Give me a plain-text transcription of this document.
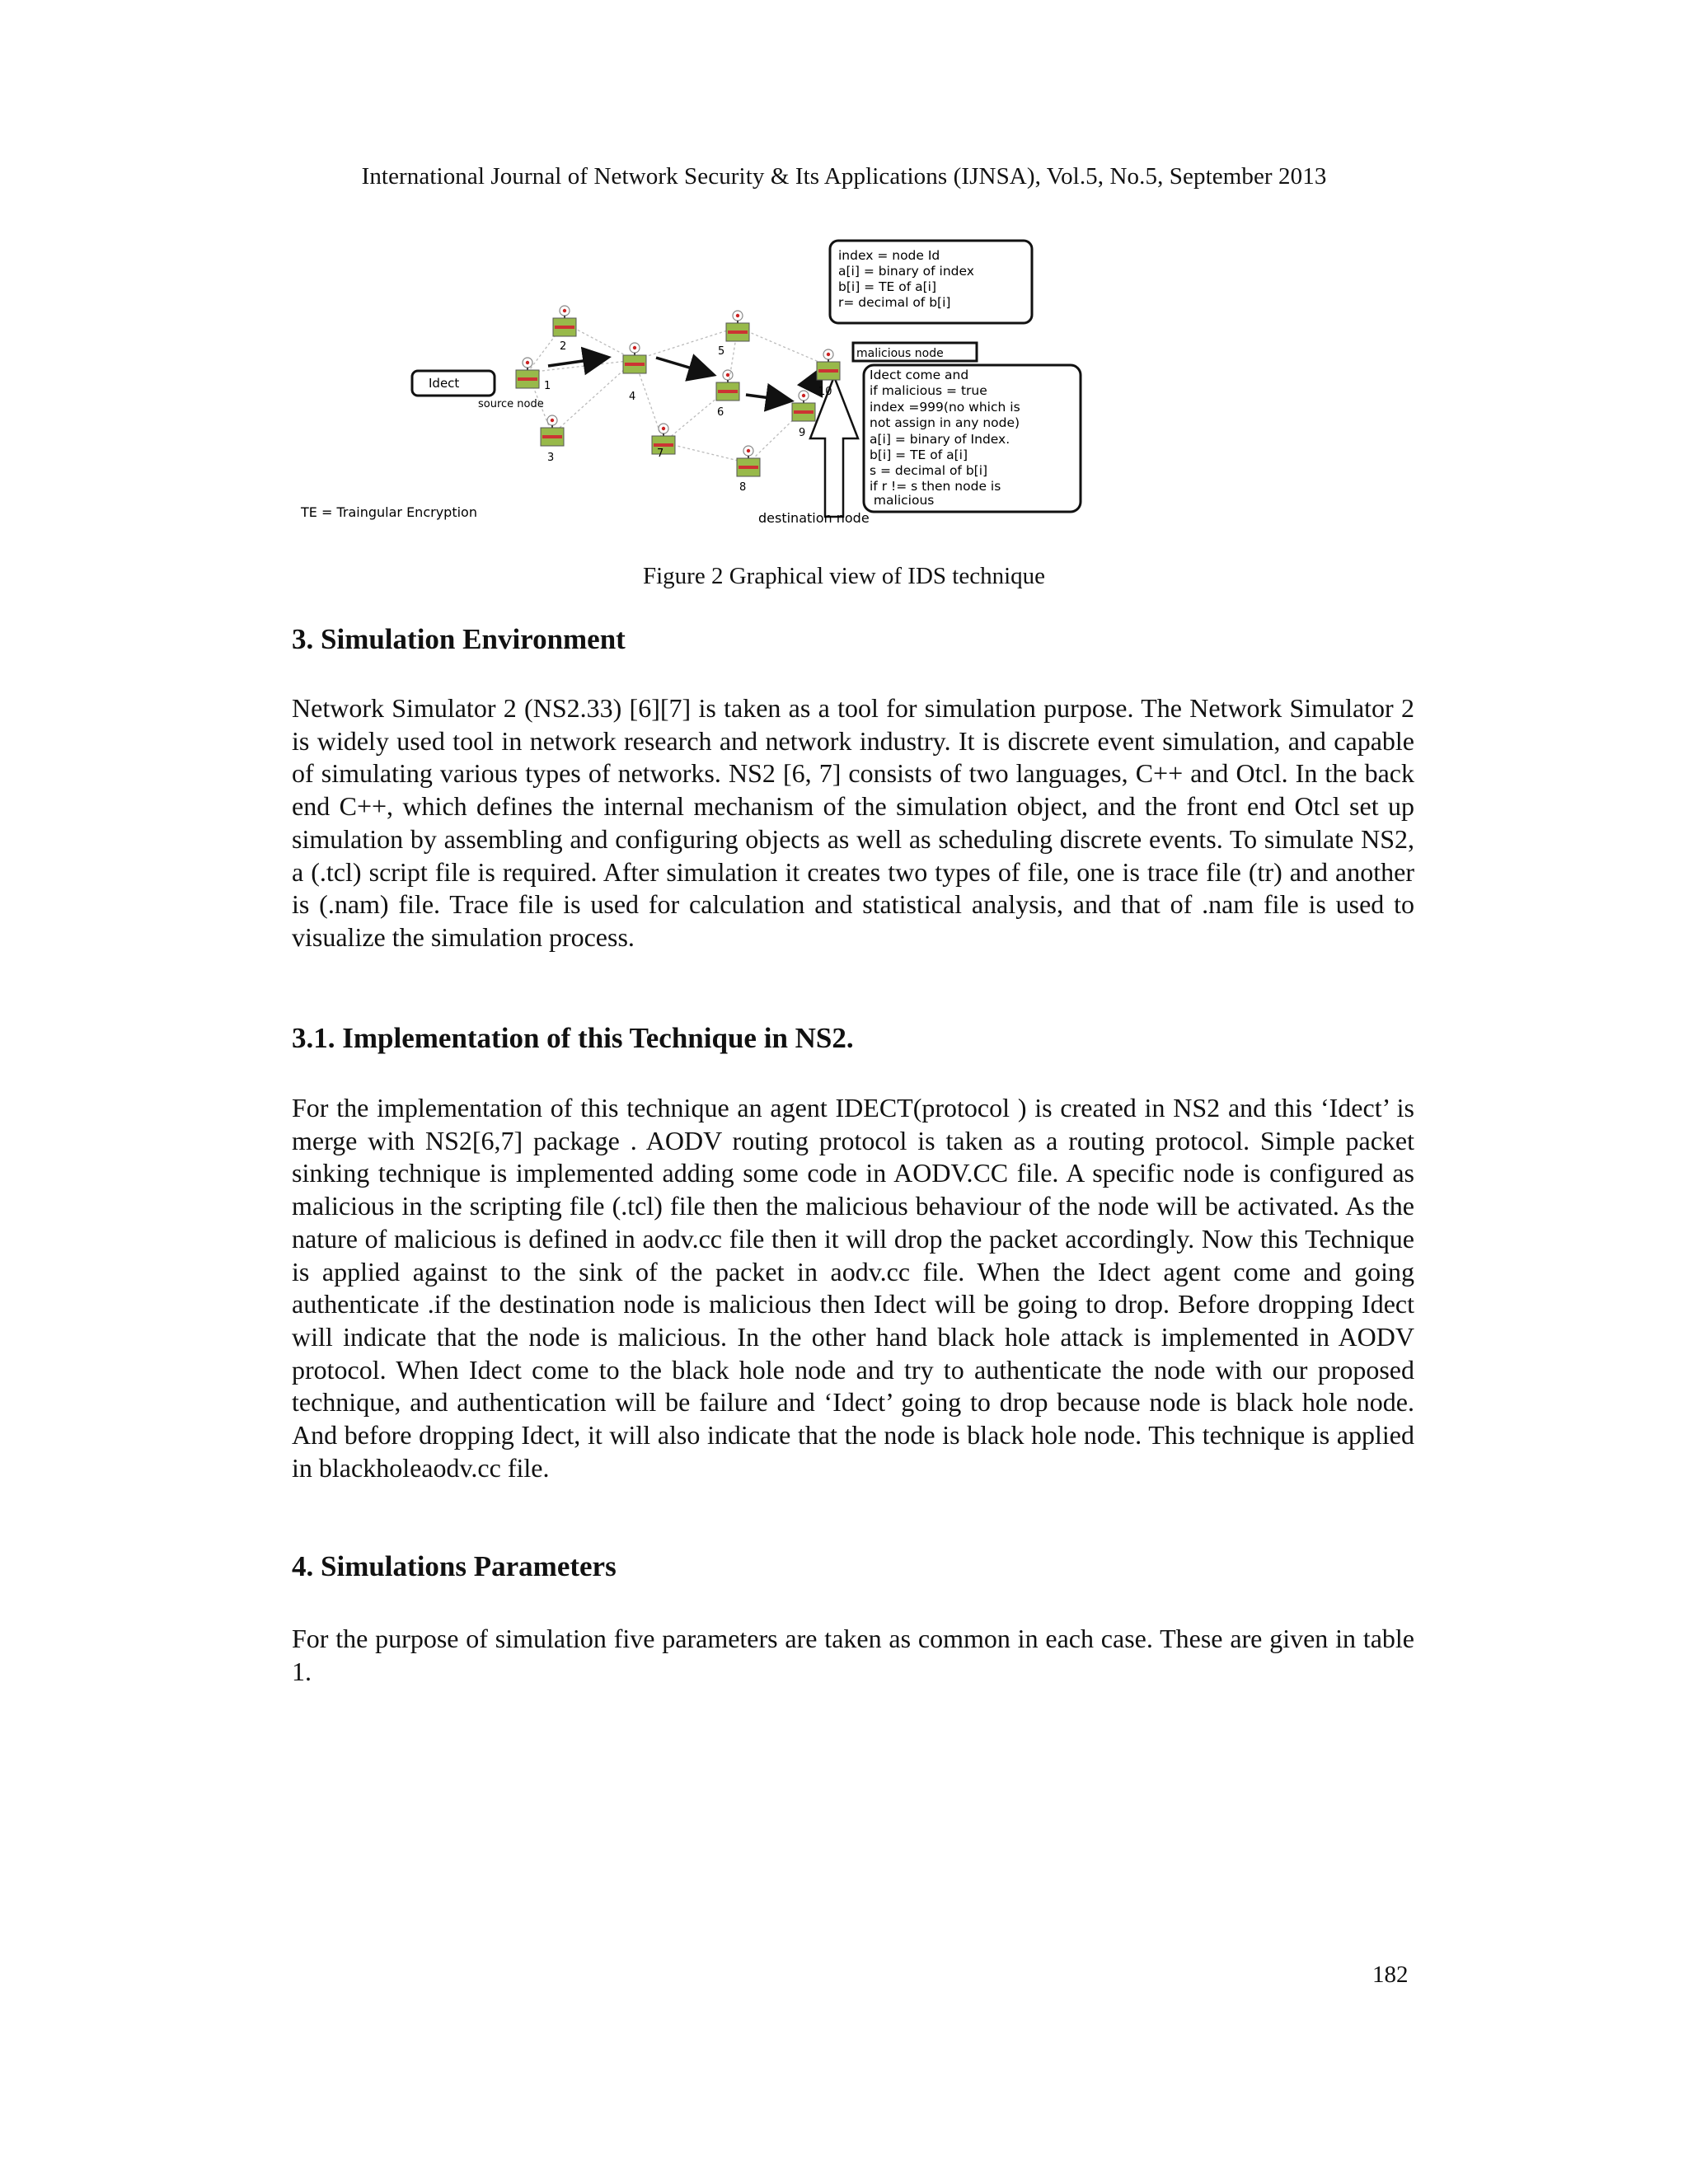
International Journal of Network Security & Its Applications (IJNSA), Vol.5, No.5, September 2013
1
2
3
4
5
6
7
8
9
10
Idect
source node
destination node
TE = Traingular Encryption
malicious node
index = node Id
a[i] = binary of index
b[i] = TE of a[i]
r= decimal of b[i]
Idect come and
if malicious = true
index =999(no which is
not assign in any node)
a[i] = binary of Index.
b[i] = TE of a[i]
s = decimal of b[i]
if r != s then node is
malicious
Figure 2 Graphical view of IDS technique
3. Simulation Environment

Network Simulator 2 (NS2.33) [6][7] is taken as a tool for simulation purpose. The Network Simulator 2 is widely used tool in network research and network industry. It is discrete event simulation, and capable of simulating various types of networks. NS2 [6, 7] consists of two languages, C++ and Otcl. In the back end C++, which defines the internal mechanism of the simulation object, and the front end Otcl set up simulation by assembling and configuring objects as well as scheduling discrete events. To simulate NS2, a (.tcl) script file is required. After simulation it creates two types of file, one is trace file (tr) and another is (.nam) file. Trace file is used for calculation and statistical analysis, and that of .nam file is used to visualize the simulation process.

3.1. Implementation of this Technique in NS2.

For the implementation of this technique an agent IDECT(protocol ) is created in NS2 and this ‘Idect’ is merge with NS2[6,7] package . AODV routing protocol is taken as a routing protocol. Simple packet sinking technique is implemented adding some code in AODV.CC file. A specific node is configured as malicious in the scripting file (.tcl) file then the malicious behaviour of the node will be activated. As the nature of malicious is defined in aodv.cc file then it will drop the packet accordingly. Now this Technique is applied against to the sink of the packet in aodv.cc file. When the Idect agent come and going authenticate .if the destination node is malicious then Idect will be going to drop. Before dropping Idect will indicate that the node is malicious. In the other hand black hole attack is implemented in AODV protocol. When Idect come to the black hole node and try to authenticate the node with our proposed technique, and authentication will be failure and ‘Idect’ going to drop because node is black hole node. And before dropping Idect, it will also indicate that the node is black hole node. This technique is applied in blackholeaodv.cc file.

4. Simulations Parameters

For the purpose of simulation five parameters are taken as common in each case. These are given in table 1.

182
